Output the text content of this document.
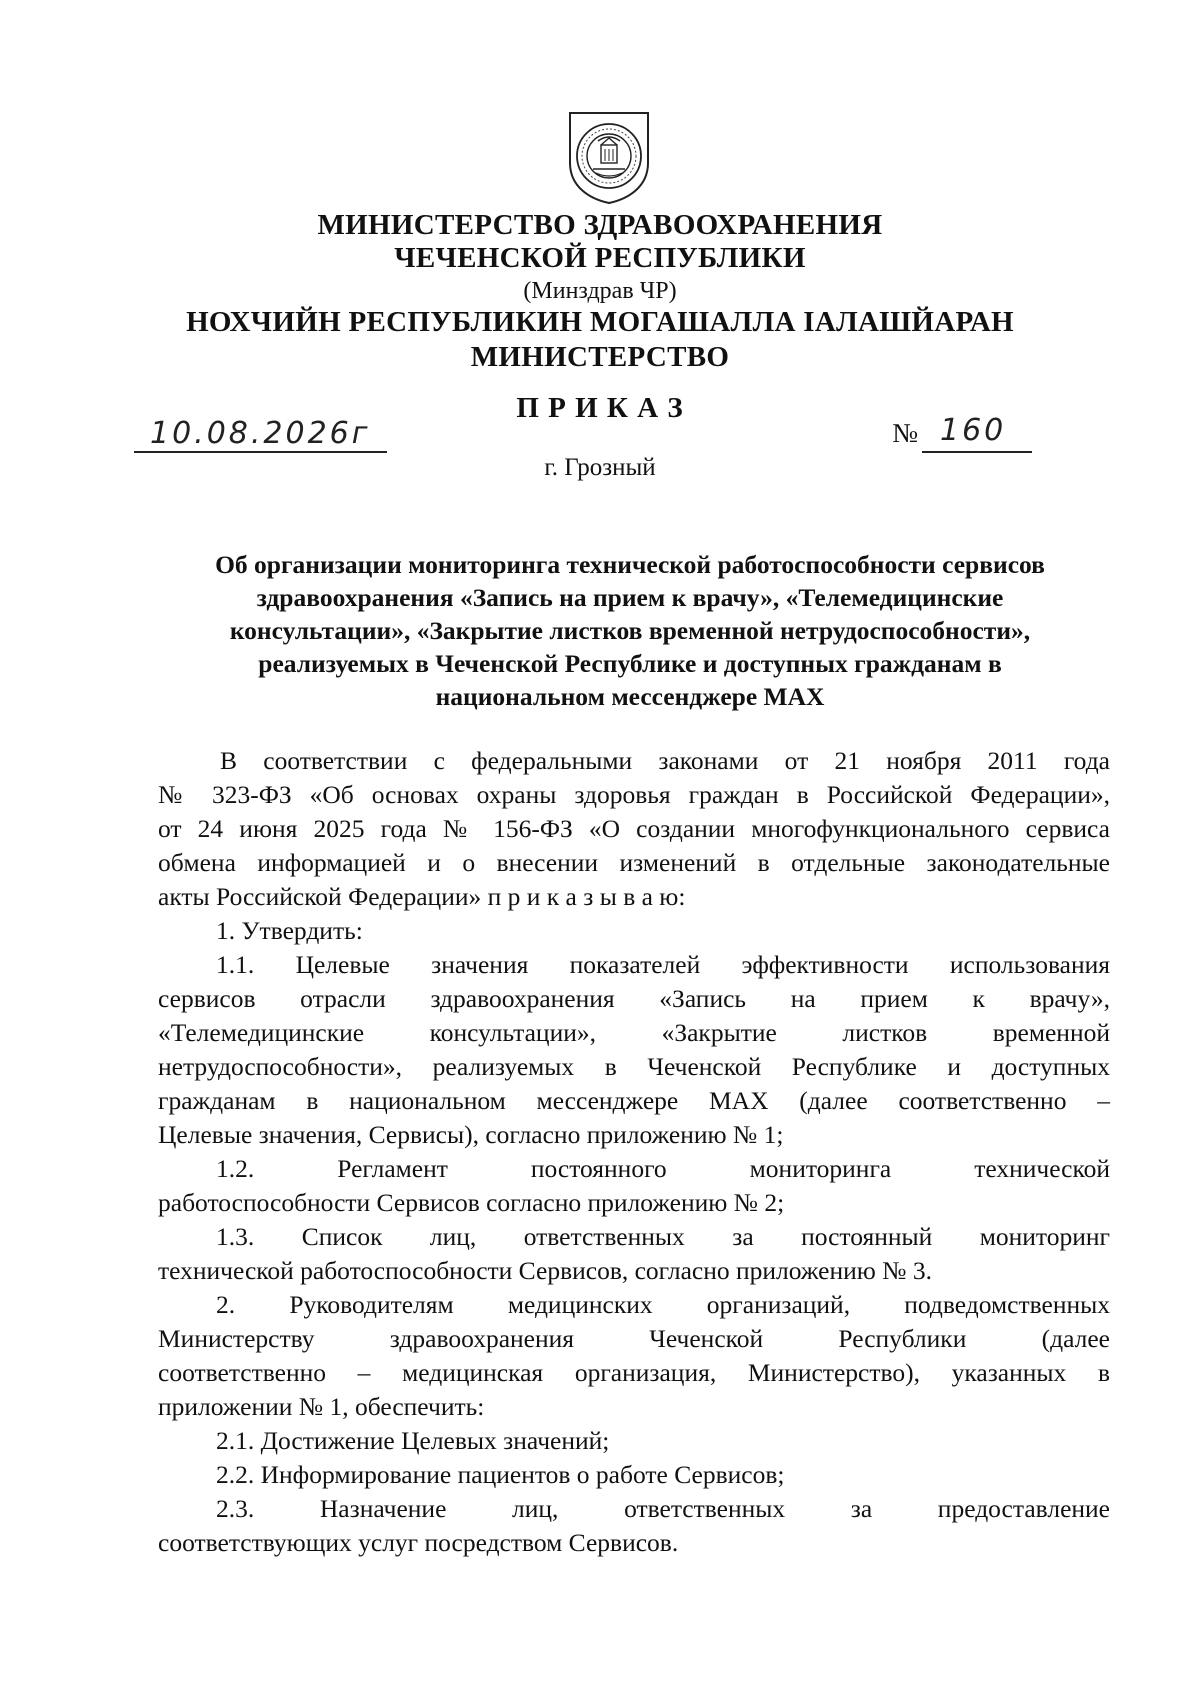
МИНИСТЕРСТВО ЗДРАВООХРАНЕНИЯ
ЧЕЧЕНСКОЙ РЕСПУБЛИКИ
(Минздрав ЧР)
НОХЧИЙН РЕСПУБЛИКИН МОГАШАЛЛА IАЛАШЙАРАН
МИНИСТЕРСТВО
П Р И К А З
10.08.2026г	№ 160
г. Грозный
Об организации мониторинга технической работоспособности сервисов
здравоохранения «Запись на прием к врачу», «Телемедицинские
консультации», «Закрытие листков временной нетрудоспособности»,
реализуемых в Чеченской Республике и доступных гражданам в
национальном мессенджере MAX
В соответствии с федеральными законами от 21 ноября 2011 года
№ 323-ФЗ «Об основах охраны здоровья граждан в Российской Федерации»,
от 24 июня 2025 года № 156-ФЗ «О создании многофункционального сервиса
обмена информацией и о внесении изменений в отдельные законодательные
акты Российской Федерации» п р и к а з ы в а ю:
1. Утвердить:
1.1. Целевые значения показателей эффективности использования
сервисов отрасли здравоохранения «Запись на прием к врачу»,
«Телемедицинские консультации», «Закрытие листков временной
нетрудоспособности», реализуемых в Чеченской Республике и доступных
гражданам в национальном мессенджере MAX (далее соответственно –
Целевые значения, Сервисы), согласно приложению № 1;
1.2. Регламент постоянного мониторинга технической
работоспособности Сервисов согласно приложению № 2;
1.3. Список лиц, ответственных за постоянный мониторинг
технической работоспособности Сервисов, согласно приложению № 3.
2. Руководителям медицинских организаций, подведомственных
Министерству здравоохранения Чеченской Республики (далее
соответственно – медицинская организация, Министерство), указанных в
приложении № 1, обеспечить:
2.1. Достижение Целевых значений;
2.2. Информирование пациентов о работе Сервисов;
2.3. Назначение лиц, ответственных за предоставление
соответствующих услуг посредством Сервисов.
